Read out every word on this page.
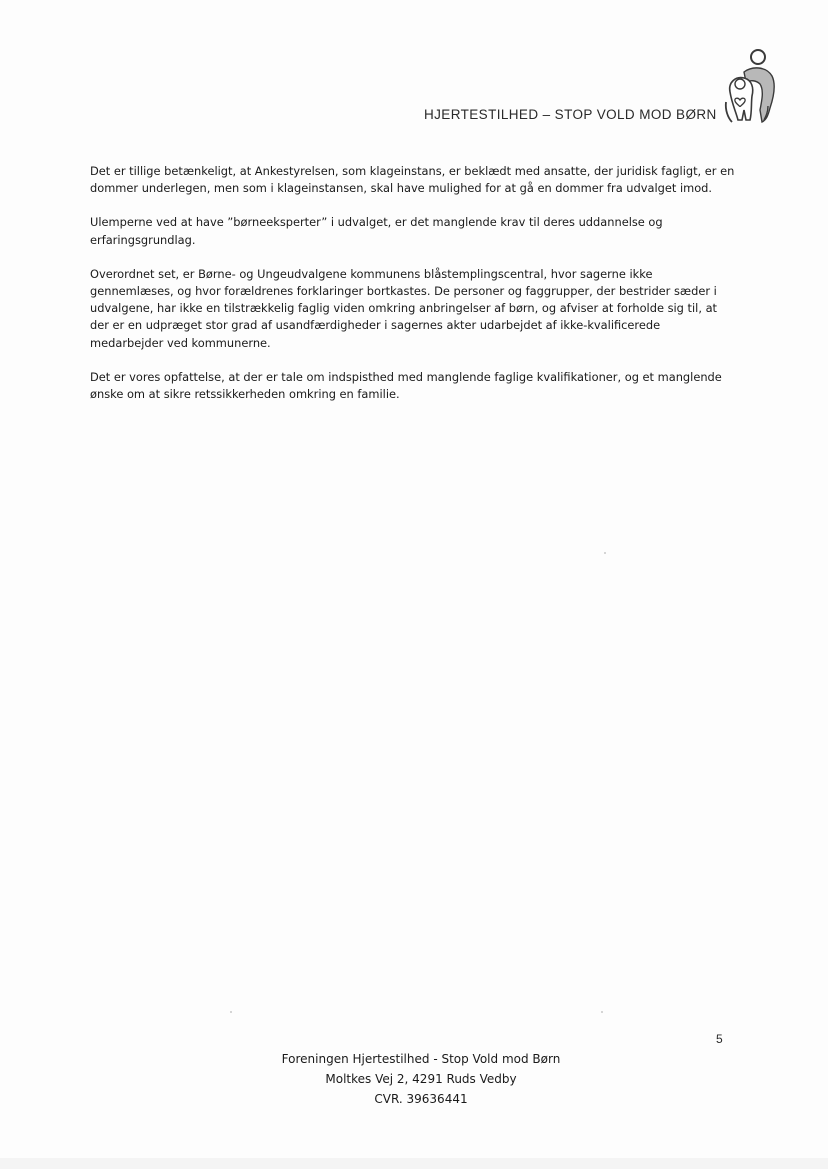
HJERTESTILHED – STOP VOLD MOD BØRN

Det er tillige betænkeligt, at Ankestyrelsen, som klageinstans, er beklædt med ansatte, der juridisk fagligt, er en dommer underlegen, men som i klageinstansen, skal have mulighed for at gå en dommer fra udvalget imod.

Ulemperne ved at have ”børneeksperter” i udvalget, er det manglende krav til deres uddannelse og erfaringsgrundlag.

Overordnet set, er Børne- og Ungeudvalgene kommunens blåstemplingscentral, hvor sagerne ikke gennemlæses, og hvor forældrenes forklaringer bortkastes. De personer og faggrupper, der bestrider sæder i udvalgene, har ikke en tilstrækkelig faglig viden omkring anbringelser af børn, og afviser at forholde sig til, at der er en udpræget stor grad af usandfærdigheder i sagernes akter udarbejdet af ikke-kvalificerede medarbejder ved kommunerne.

Det er vores opfattelse, at der er tale om indspisthed med manglende faglige kvalifikationer, og et manglende ønske om at sikre retssikkerheden omkring en familie.

5
Foreningen Hjertestilhed - Stop Vold mod Børn
Moltkes Vej 2, 4291 Ruds Vedby
CVR. 39636441
